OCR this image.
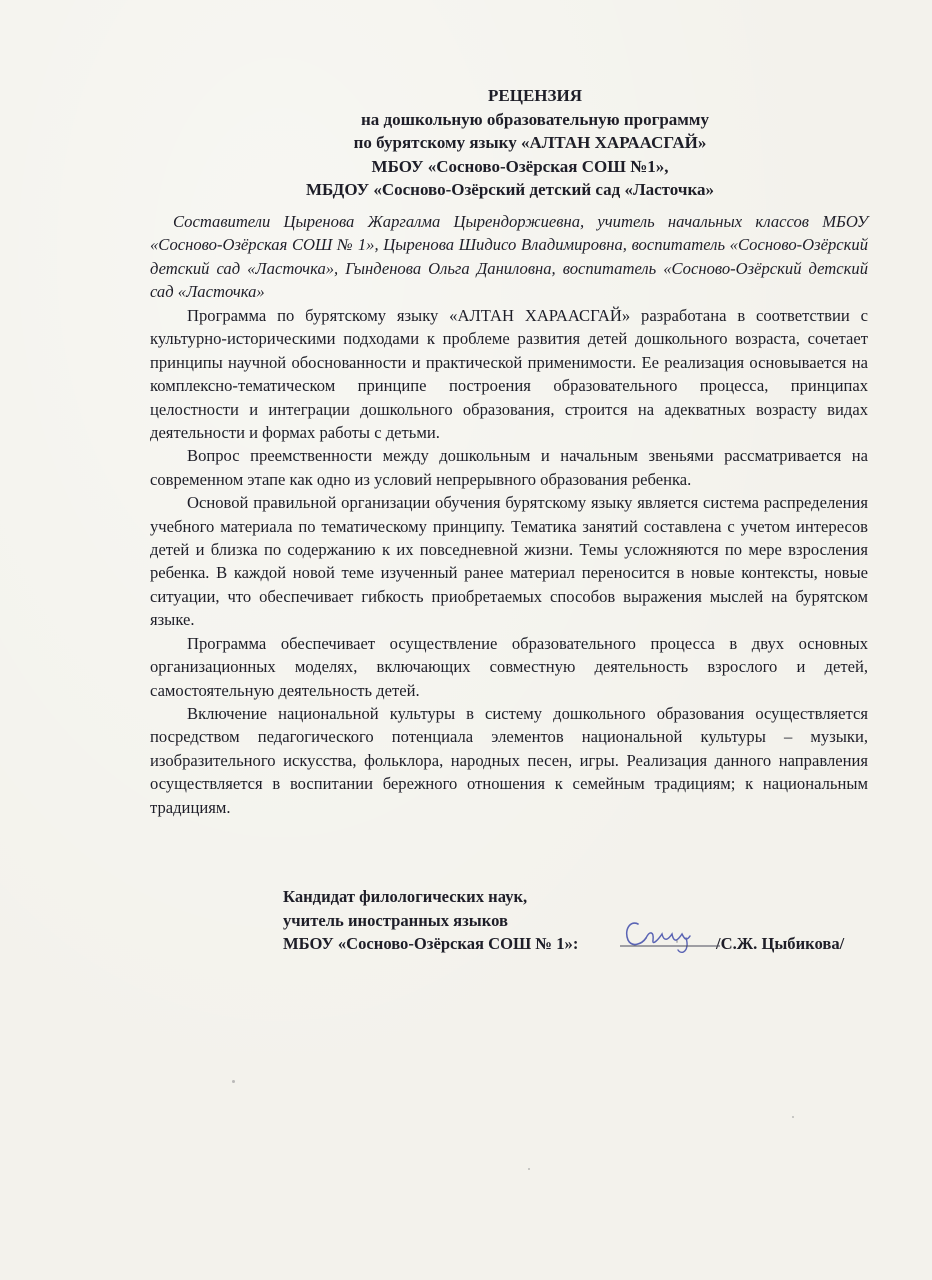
РЕЦЕНЗИЯ
на дошкольную образовательную программу
по бурятскому языку «АЛТАН ХАРААСГАЙ»
МБОУ «Сосново-Озёрская СОШ №1»,
МБДОУ «Сосново-Озёрский детский сад «Ласточка»

Составители Цыренова Жаргалма Цырендоржиевна, учитель начальных классов МБОУ «Сосново-Озёрская СОШ № 1», Цыренова Шидисо Владимировна, воспитатель «Сосново-Озёрский детский сад «Ласточка», Гынденова Ольга Даниловна, воспитатель «Сосново-Озёрский детский сад «Ласточка»

Программа по бурятскому языку «АЛТАН ХАРААСГАЙ» разработана в соответствии с культурно-историческими подходами к проблеме развития детей дошкольного возраста, сочетает принципы научной обоснованности и практической применимости. Ее реализация основывается на комплексно-тематическом принципе построения образовательного процесса, принципах целостности и интеграции дошкольного образования, строится на адекватных возрасту видах деятельности и формах работы с детьми.

Вопрос преемственности между дошкольным и начальным звеньями рассматривается на современном этапе как одно из условий непрерывного образования ребенка.

Основой правильной организации обучения бурятскому языку является система распределения учебного материала по тематическому принципу. Тематика занятий составлена с учетом интересов детей и близка по содержанию к их повседневной жизни. Темы усложняются по мере взросления ребенка. В каждой новой теме изученный ранее материал переносится в новые контексты, новые ситуации, что обеспечивает гибкость приобретаемых способов выражения мыслей на бурятском языке.

Программа обеспечивает осуществление образовательного процесса в двух основных организационных моделях, включающих совместную деятельность взрослого и детей, самостоятельную деятельность детей.

Включение национальной культуры в систему дошкольного образования осуществляется посредством педагогического потенциала элементов национальной культуры – музыки, изобразительного искусства, фольклора, народных песен, игры. Реализация данного направления осуществляется в воспитании бережного отношения к семейным традициям; к национальным традициям.

Кандидат филологических наук,
учитель иностранных языков
МБОУ «Сосново-Озёрская СОШ № 1»:	/С.Ж. Цыбикова/
